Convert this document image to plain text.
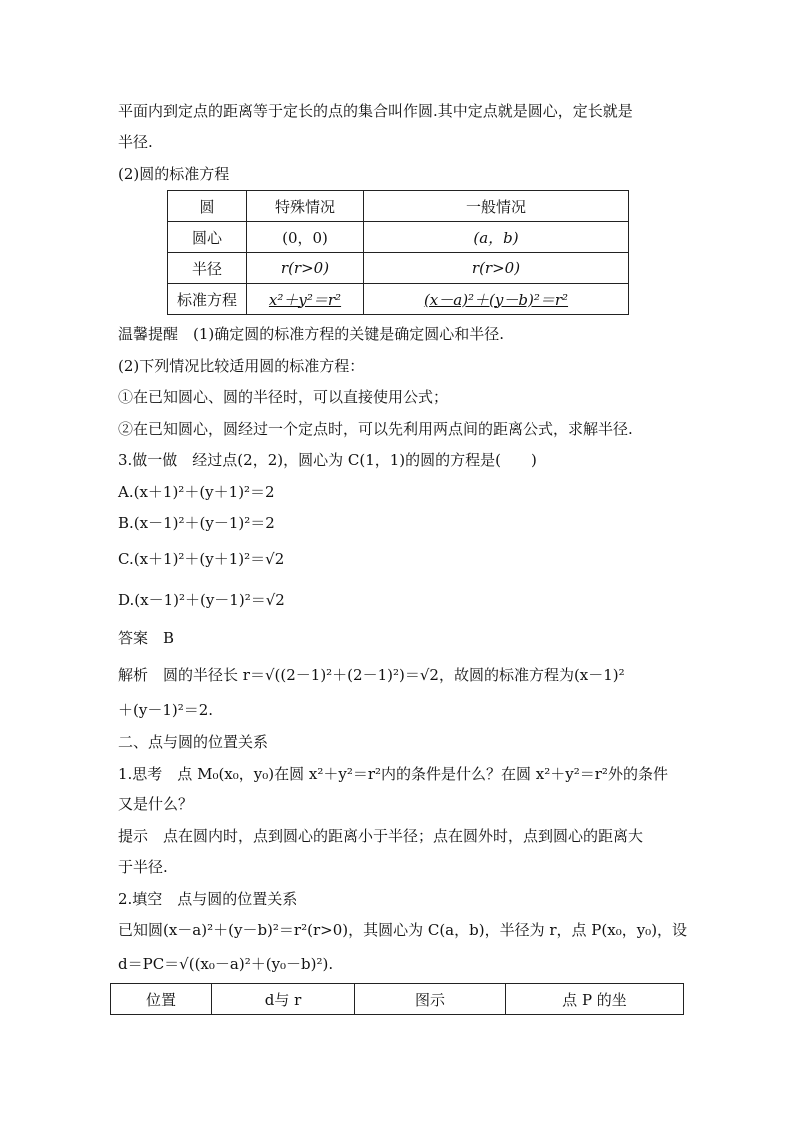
平面内到定点的距离等于定长的点的集合叫作圆.其中定点就是圆心，定长就是
半径.
(2)圆的标准方程
圆	特殊情况	一般情况
圆心	(0，0)	(a，b)
半径	r(r>0)	r(r>0)
标准方程	x²＋y²＝r²	(x－a)²＋(y－b)²＝r²
温馨提醒　 (1)确定圆的标准方程的关键是确定圆心和半径.
(2)下列情况比较适用圆的标准方程：
①在已知圆心、圆的半径时，可以直接使用公式；
②在已知圆心，圆经过一个定点时，可以先利用两点间的距离公式，求解半径.
3.做一做　经过点(2，2)，圆心为 C(1，1)的圆的方程是(　　)
A.(x＋1)²＋(y＋1)²＝2
B.(x－1)²＋(y－1)²＝2
C.(x＋1)²＋(y＋1)²＝√2
D.(x－1)²＋(y－1)²＝√2
答案　 B
解析　 圆的半径长 r＝√((2－1)²＋(2－1)²)＝√2，故圆的标准方程为(x－1)²
＋(y－1)²＝2.
二、点与圆的位置关系
1.思考　点 M₀(x₀，y₀)在圆 x²＋y²＝r²内的条件是什么？在圆 x²＋y²＝r²外的条件
又是什么？
提示　点在圆内时，点到圆心的距离小于半径；点在圆外时，点到圆心的距离大
于半径.
2.填空　点与圆的位置关系
已知圆(x－a)²＋(y－b)²＝r²(r>0)，其圆心为 C(a，b)，半径为 r，点 P(x₀，y₀)，设
d＝PC＝√((x₀－a)²＋(y₀－b)²).
位置	d与 r	图示	点 P 的坐
